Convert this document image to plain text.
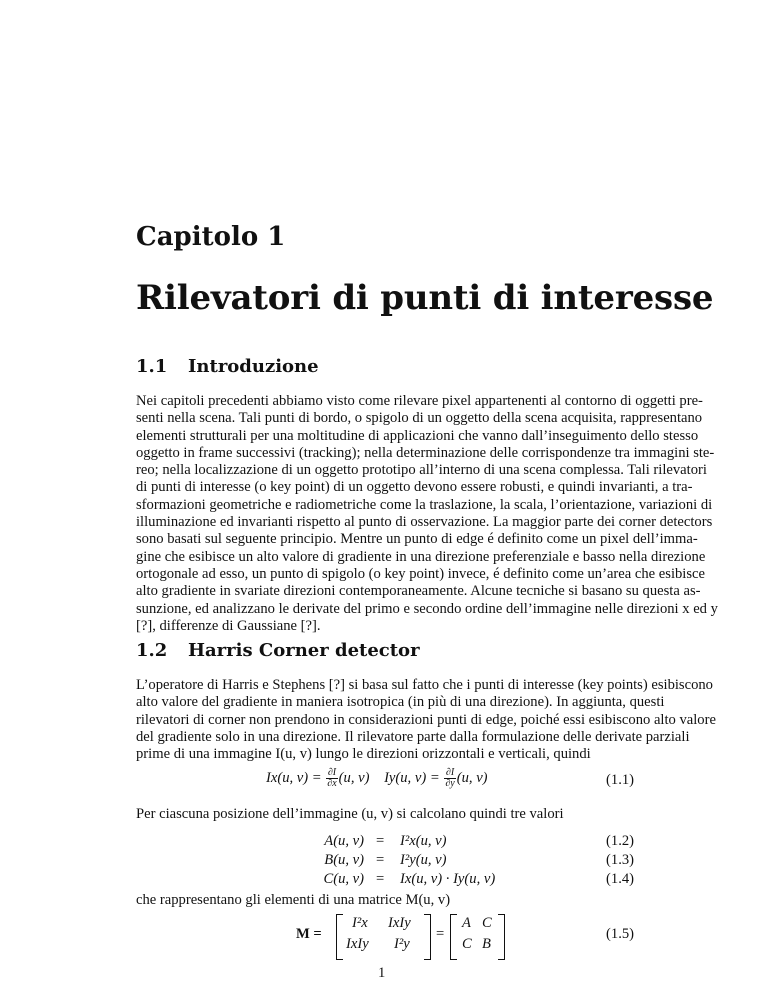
Capitolo 1
Rilevatori di punti di interesse
1.1 Introduzione
Nei capitoli precedenti abbiamo visto come rilevare pixel appartenenti al contorno di oggetti pre-
senti nella scena. Tali punti di bordo, o spigolo di un oggetto della scena acquisita, rappresentano
elementi strutturali per una moltitudine di applicazioni che vanno dall’inseguimento dello stesso
oggetto in frame successivi (tracking); nella determinazione delle corrispondenze tra immagini ste-
reo; nella localizzazione di un oggetto prototipo all’interno di una scena complessa. Tali rilevatori
di punti di interesse (o key point) di un oggetto devono essere robusti, e quindi invarianti, a tra-
sformazioni geometriche e radiometriche come la traslazione, la scala, l’orientazione, variazioni di
illuminazione ed invarianti rispetto al punto di osservazione. La maggior parte dei corner detectors
sono basati sul seguente principio. Mentre un punto di edge é definito come un pixel dell’imma-
gine che esibisce un alto valore di gradiente in una direzione preferenziale e basso nella direzione
ortogonale ad esso, un punto di spigolo (o key point) invece, é definito come un’area che esibisce
alto gradiente in svariate direzioni contemporaneamente. Alcune tecniche si basano su questa as-
sunzione, ed analizzano le derivate del primo e secondo ordine dell’immagine nelle direzioni x ed y
[?], differenze di Gaussiane [?].
1.2 Harris Corner detector
L’operatore di Harris e Stephens [?] si basa sul fatto che i punti di interesse (key points) esibiscono
alto valore del gradiente in maniera isotropica (in più di una direzione). In aggiunta, questi
rilevatori di corner non prendono in considerazioni punti di edge, poiché essi esibiscono alto valore
del gradiente solo in una direzione. Il rilevatore parte dalla formulazione delle derivate parziali
prime di una immagine I(u, v) lungo le direzioni orizzontali e verticali, quindi
Ix(u, $v) = \frac{\partial I}{\partial x} (u$, v) Iy(u, $v) = \frac{\partial I}{\partial y} (u$, v)	(1.1)
Per ciascuna posizione dell’immagine (u, v) si calcolano quindi tre valori
che rappresentano gli elementi di una matrice M(u, v)
1
A(u, v) = I²x(u, v)	(1.2)
B(u, v) = I²y(u, v)	(1.3)
C(u, v) = Ix(u, v) · Iy(u, v)	(1.4)
M =
I²x IxIy
IxIy I²y
=
A C
C B
(1.5)
